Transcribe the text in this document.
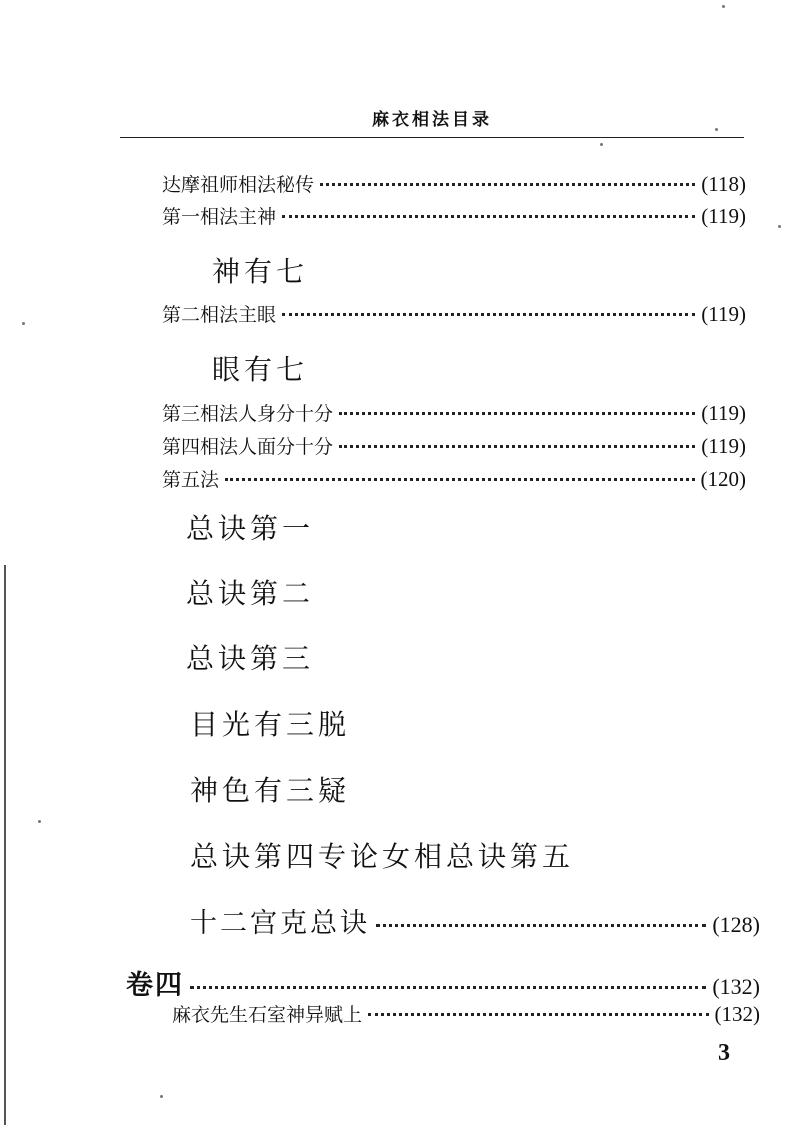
麻衣相法目录
达摩祖师相法秘传	(118)
第一相法主神	(119)
神有七
第二相法主眼	(119)
眼有七
第三相法人身分十分	(119)
第四相法人面分十分	(119)
第五法	(120)
总诀第一
总诀第二
总诀第三
目光有三脱
神色有三疑
总诀第四专论女相总诀第五
十二宫克总诀	(128)
卷四	(132)
麻衣先生石室神异赋上	(132)
3
